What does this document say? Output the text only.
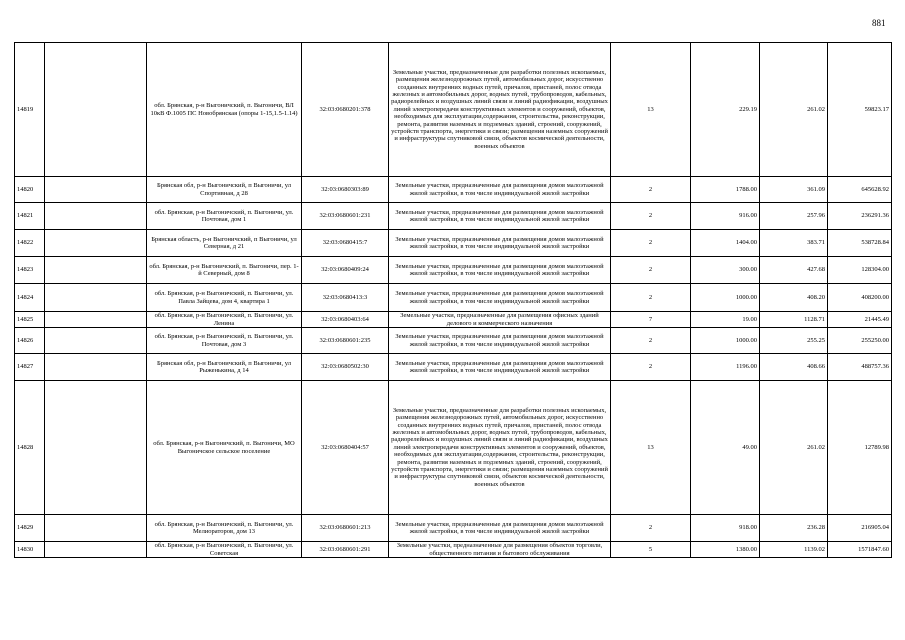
881
14819		обл. Брянская, р-н Выгоничский, п. Выгоничи, ВЛ 10кВ Ф.1005 ПС Новобрянская (опоры 1-15,1.5-1.14)	32:03:0680201:378	Земельные участки, предназначенные для разработки полезных ископаемых, размещения железнодорожных путей, автомобильных дорог, искусственно созданных внутренних водных путей, причалов, пристаней, полос отвода железных и автомобильных дорог, водных путей, трубопроводов, кабельных, радиорелейных и воздушных линий связи и линий радиофикации, воздушных линий электропередачи конструктивных элементов и сооружений, объектов, необходимых для эксплуатации,содержания, строительства, реконструкции, ремонта, развития наземных и подземных зданий, строений, сооружений, устройств транспорта, энергетики и связи; размещения наземных сооружений и инфраструктуры спутниковой связи, объектов космической деятельности, военных объектов	13	229.19	261.02	59823.17
14820		Брянская обл, р-н Выгоничский, п Выгоничи, ул Спортивная, д 28	32:03:0680303:89	Земельные участки, предназначенные для размещения домов малоэтажной жилой застройки, в том числе индивидуальной жилой застройки	2	1788.00	361.09	645628.92
14821		обл. Брянская, р-н Выгоничский, п. Выгоничи, ул. Почтовая, дом 1	32:03:0680601:231	Земельные участки, предназначенные для размещения домов малоэтажной жилой застройки, в том числе индивидуальной жилой застройки	2	916.00	257.96	236291.36
14822		Брянская область, р-н Выгоничский, п Выгоничи, ул Северная, д 21	32:03:0680415:7	Земельные участки, предназначенные для размещения домов малоэтажной жилой застройки, в том числе индивидуальной жилой застройки	2	1404.00	383.71	538728.84
14823		обл. Брянская, р-н Выгоничский, п. Выгоничи, пер. 1-й Северный, дом 8	32:03:0680409:24	Земельные участки, предназначенные для размещения домов малоэтажной жилой застройки, в том числе индивидуальной жилой застройки	2	300.00	427.68	128304.00
14824		обл. Брянская, р-н Выгоничский, п. Выгоничи, ул. Павла Зайцева, дом 4, квартира 1	32:03:0680413:3	Земельные участки, предназначенные для размещения домов малоэтажной жилой застройки, в том числе индивидуальной жилой застройки	2	1000.00	408.20	408200.00
14825		обл. Брянская, р-н Выгоничский, п. Выгоничи, ул. Ленина	32:03:0680403:64	Земельные участки, предназначенные для размещения офисных зданий делового и коммерческого назначения	7	19.00	1128.71	21445.49
14826		обл. Брянская, р-н Выгоничский, п. Выгоничи, ул. Почтовая, дом 3	32:03:0680601:235	Земельные участки, предназначенные для размещения домов малоэтажной жилой застройки, в том числе индивидуальной жилой застройки	2	1000.00	255.25	255250.00
14827		Брянская обл, р-н Выгоничский, п Выгоничи, ул Рыженькина, д 14	32:03:0680502:30	Земельные участки, предназначенные для размещения домов малоэтажной жилой застройки, в том числе индивидуальной жилой застройки	2	1196.00	408.66	488757.36
14828		обл. Брянская, р-н Выгоничский, п. Выгоничи, МО Выгоничское сельское поселение	32:03:0680404:57	Земельные участки, предназначенные для разработки полезных ископаемых, размещения железнодорожных путей, автомобильных дорог, искусственно созданных внутренних водных путей, причалов, пристаней, полос отвода железных и автомобильных дорог, водных путей, трубопроводов, кабельных, радиорелейных и воздушных линий связи и линий радиофикации, воздушных линий электропередачи конструктивных элементов и сооружений, объектов, необходимых для эксплуатации,содержания, строительства, реконструкции, ремонта, развития наземных и подземных зданий, строений, сооружений, устройств транспорта, энергетики и связи; размещения наземных сооружений и инфраструктуры спутниковой связи, объектов космической деятельности, военных объектов	13	49.00	261.02	12789.98
14829		обл. Брянская, р-н Выгоничский, п. Выгоничи, ул. Мелиораторов, дом 13	32:03:0680601:213	Земельные участки, предназначенные для размещения домов малоэтажной жилой застройки, в том числе индивидуальной жилой застройки	2	918.00	236.28	216905.04
14830		обл. Брянская, р-н Выгоничский, п. Выгоничи, ул. Советская	32:03:0680601:291	Земельные участки, предназначенные для размещения объектов торговли, общественного питания и бытового обслуживания	5	1380.00	1139.02	1571847.60
